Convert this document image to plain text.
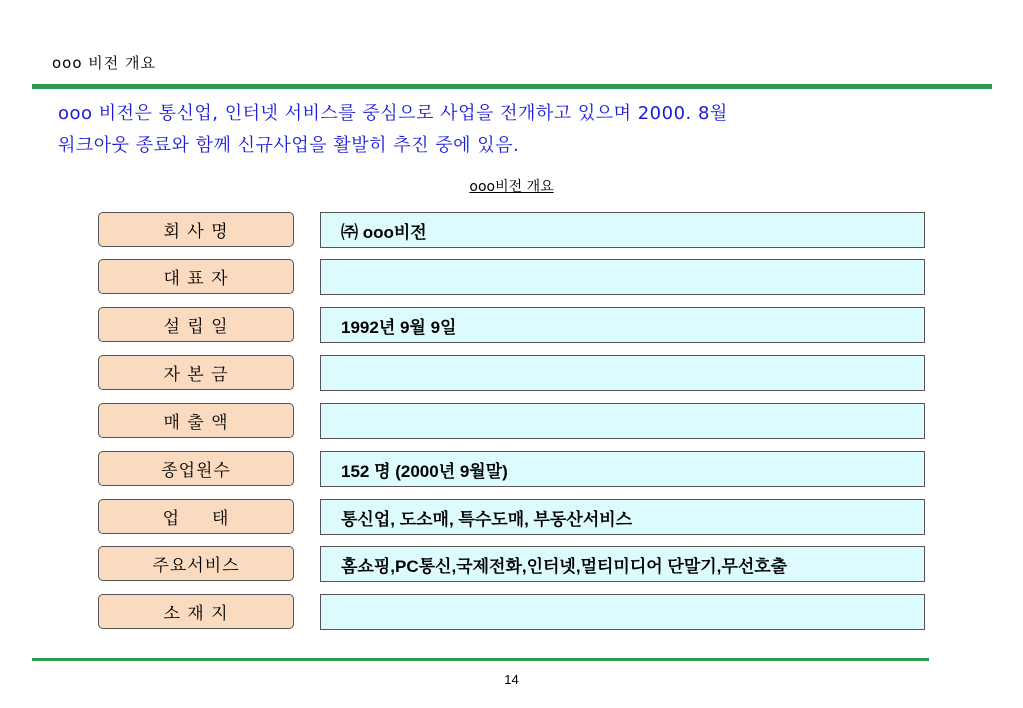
ooo 비전 개요

ooo 비전은 통신업, 인터넷 서비스를 중심으로 사업을 전개하고 있으며 2000. 8월

워크아웃 종료와 함께 신규사업을 활발히 추진 중에 있음.

ooo비전 개요
회 사 명	㈜ ooo비전
대 표 자
설 립 일	1992년 9월 9일
자 본 금
매 출 액
종업원수	152 명 (2000년 9월말)
업     태	통신업, 도소매, 특수도매, 부동산서비스
주요서비스	홈쇼핑,PC통신,국제전화,인터넷,멀티미디어 단말기,무선호출
소 재 지
14
